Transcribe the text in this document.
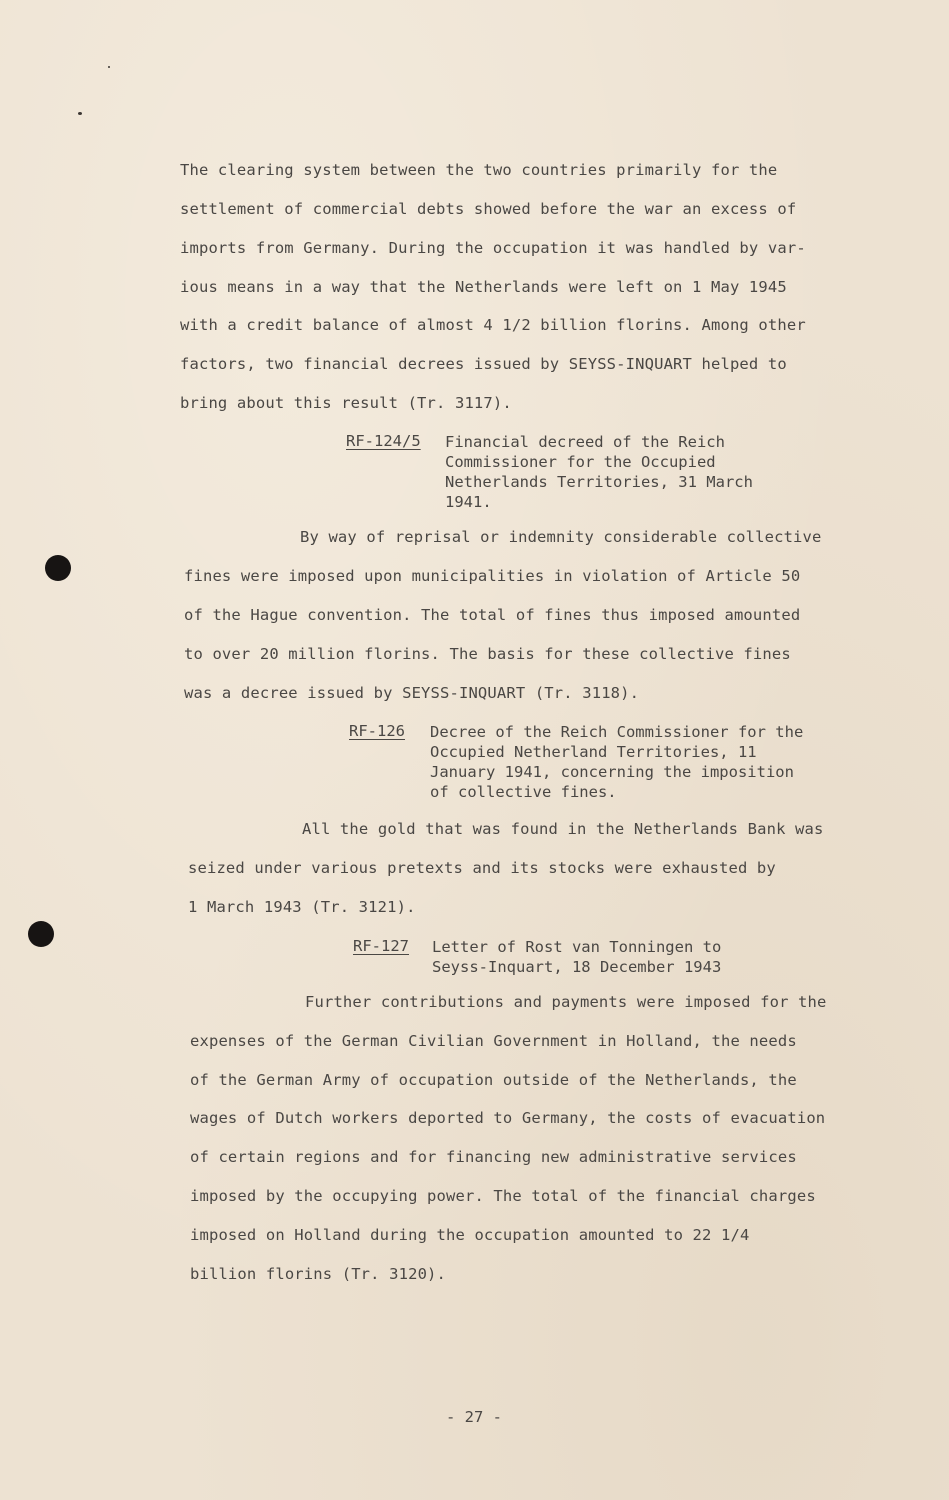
The clearing system between the two countries primarily for the
settlement of commercial debts showed before the war an excess of
imports from Germany. During the occupation it was handled by var-
ious means in a way that the Netherlands were left on 1 May 1945
with a credit balance of almost 4 1/2 billion florins. Among other
factors, two financial decrees issued by SEYSS-INQUART helped to
bring about this result (Tr. 3117).
RF-124/5 Financial decreed of the Reich
Commissioner for the Occupied
Netherlands Territories, 31 March
1941.
By way of reprisal or indemnity considerable collective
fines were imposed upon municipalities in violation of Article 50
of the Hague convention. The total of fines thus imposed amounted
to over 20 million florins. The basis for these collective fines
was a decree issued by SEYSS-INQUART (Tr. 3118).
RF-126 Decree of the Reich Commissioner for the
Occupied Netherland Territories, 11
January 1941, concerning the imposition
of collective fines.
All the gold that was found in the Netherlands Bank was
seized under various pretexts and its stocks were exhausted by
1 March 1943 (Tr. 3121).
RF-127 Letter of Rost van Tonningen to
Seyss-Inquart, 18 December 1943
Further contributions and payments were imposed for the
expenses of the German Civilian Government in Holland, the needs
of the German Army of occupation outside of the Netherlands, the
wages of Dutch workers deported to Germany, the costs of evacuation
of certain regions and for financing new administrative services
imposed by the occupying power. The total of the financial charges
imposed on Holland during the occupation amounted to 22 1/4
billion florins (Tr. 3120).
- 27 -
